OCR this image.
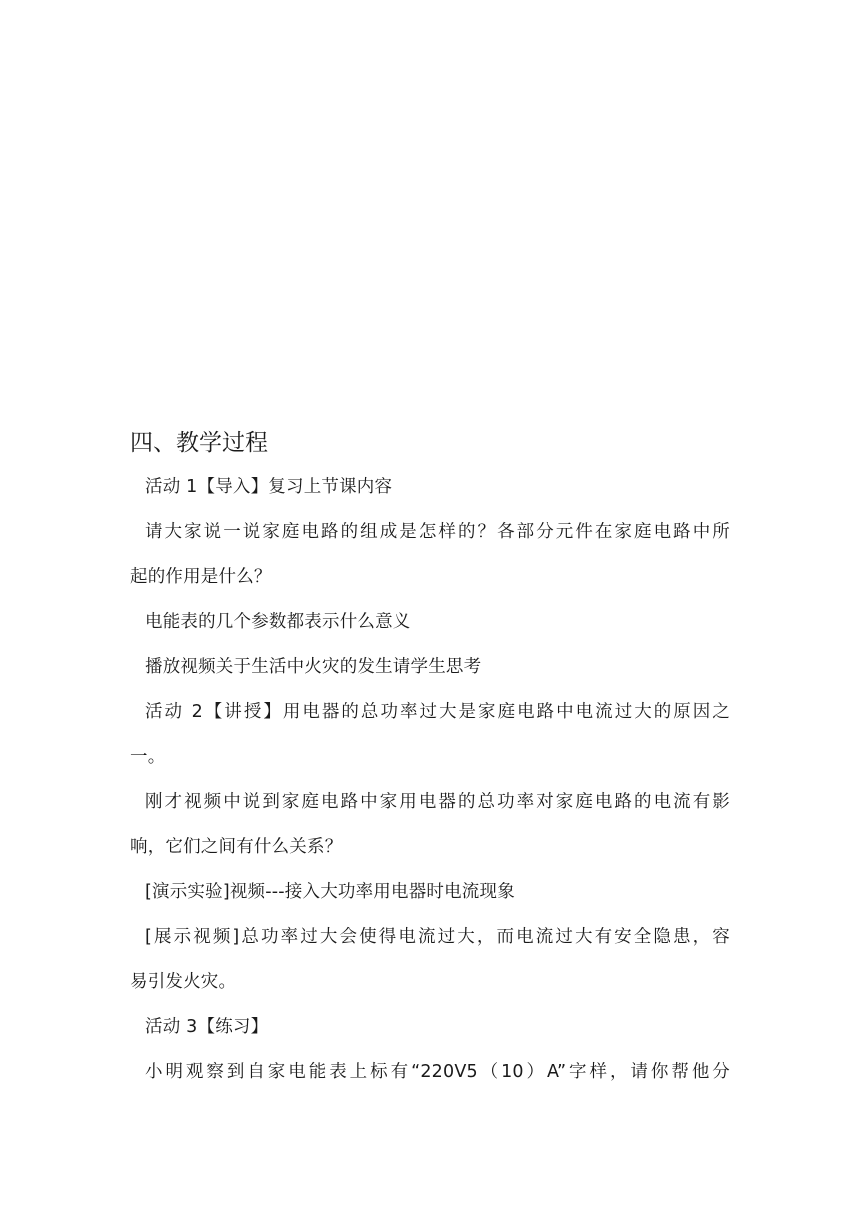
四、教学过程

活动 1【导入】复习上节课内容

请大家说一说家庭电路的组成是怎样的？各部分元件在家庭电路中所
起的作用是什么？

电能表的几个参数都表示什么意义

播放视频关于生活中火灾的发生请学生思考

活动 2【讲授】用电器的总功率过大是家庭电路中电流过大的原因之
一。

刚才视频中说到家庭电路中家用电器的总功率对家庭电路的电流有影
响，它们之间有什么关系？

[演示实验]视频---接入大功率用电器时电流现象

[展示视频]总功率过大会使得电流过大，而电流过大有安全隐患，容
易引发火灾。

活动 3【练习】

小明观察到自家电能表上标有“220V5（10）A”字样，请你帮他分
